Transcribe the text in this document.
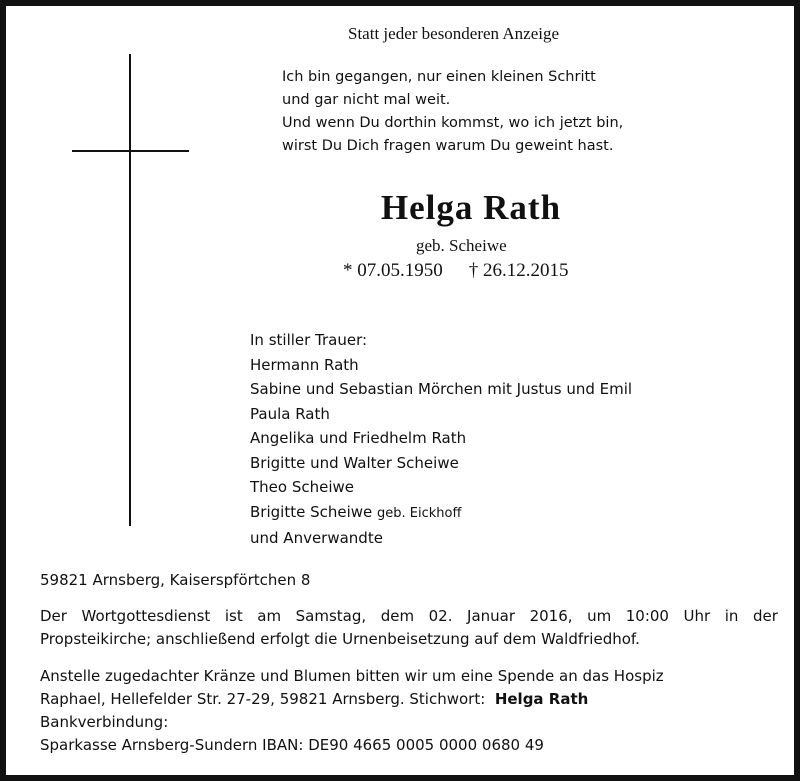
Statt jeder besonderen Anzeige
Ich bin gegangen, nur einen kleinen Schritt
und gar nicht mal weit.
Und wenn Du dorthin kommst, wo ich jetzt bin,
wirst Du Dich fragen warum Du geweint hast.
Helga Rath
geb. Scheiwe
* 07.05.1950 † 26.12.2015
In stiller Trauer:
Hermann Rath
Sabine und Sebastian Mörchen mit Justus und Emil
Paula Rath
Angelika und Friedhelm Rath
Brigitte und Walter Scheiwe
Theo Scheiwe
Brigitte Scheiwe geb. Eickhoff
und Anverwandte
59821 Arnsberg, Kaiserspförtchen 8
Der Wortgottesdienst ist am Samstag, dem 02. Januar 2016, um 10:00 Uhr in der
Propsteikirche; anschließend erfolgt die Urnenbeisetzung auf dem Waldfriedhof.
Anstelle zugedachter Kränze und Blumen bitten wir um eine Spende an das Hospiz
Raphael, Hellefelder Str. 27-29, 59821 Arnsberg. Stichwort: Helga Rath
Bankverbindung:
Sparkasse Arnsberg-Sundern IBAN: DE90 4665 0005 0000 0680 49
